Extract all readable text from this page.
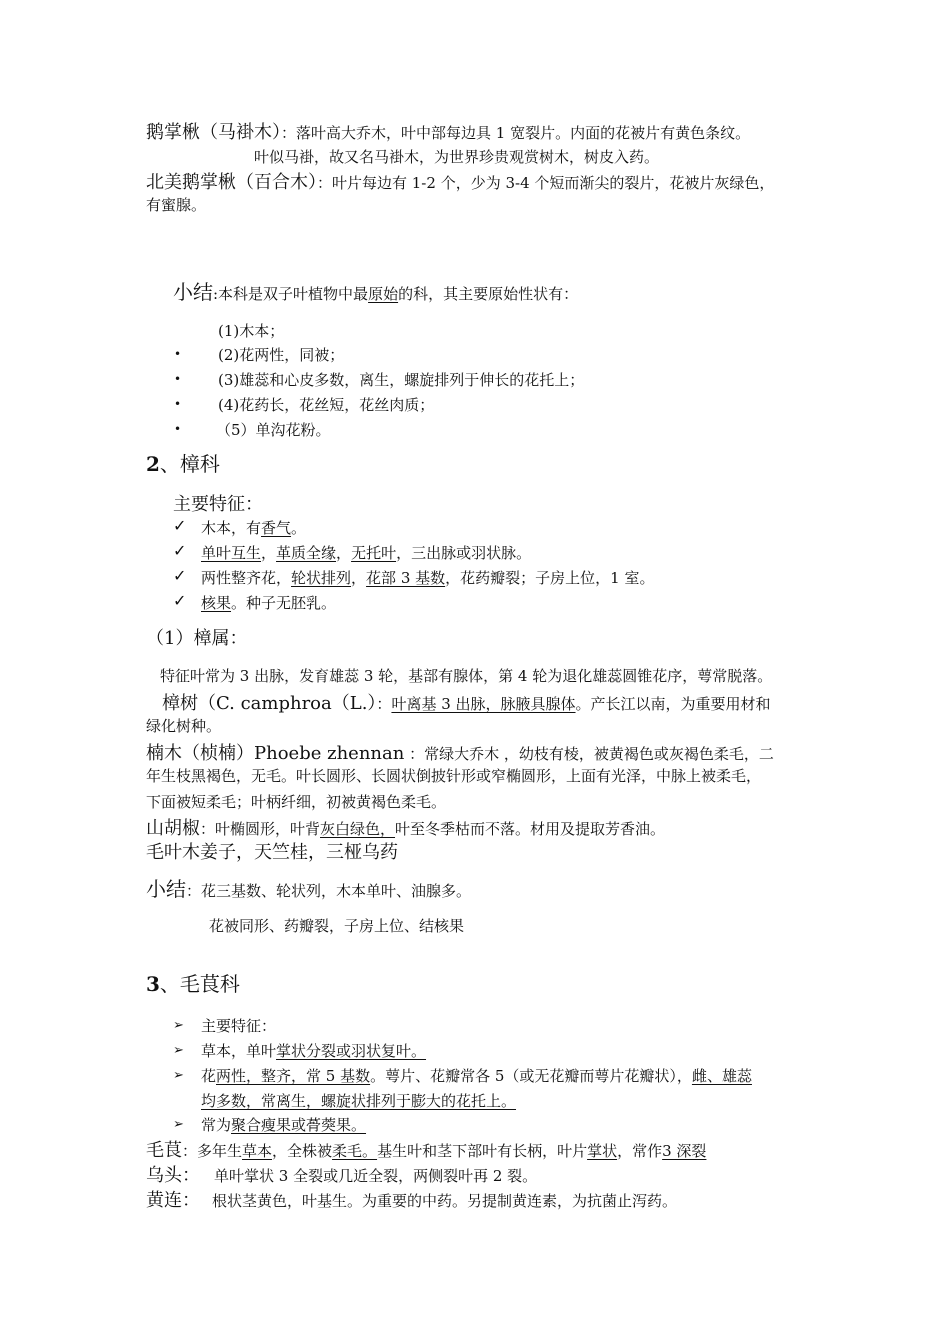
鹅掌楸（马褂木）：落叶高大乔木，叶中部每边具 1 宽裂片。内面的花被片有黄色条纹。
叶似马褂，故又名马褂木，为世界珍贵观赏树木，树皮入药。
北美鹅掌楸（百合木）：叶片每边有 1-2 个，少为 3-4 个短而渐尖的裂片，花被片灰绿色，
有蜜腺。
小结:本科是双子叶植物中最原始的科，其主要原始性状有：
(1)木本；
• (2)花两性，同被；
• (3)雄蕊和心皮多数，离生，螺旋排列于伸长的花托上；
• (4)花药长，花丝短，花丝肉质；
• （5）单沟花粉。
2、樟科
主要特征：
✓ 木本，有香气。
✓ 单叶互生，革质全缘，无托叶，三出脉或羽状脉。
✓ 两性整齐花，轮状排列，花部 3 基数，花药瓣裂；子房上位，1 室。
✓ 核果。种子无胚乳。
（1）樟属：
特征叶常为 3 出脉，发育雄蕊 3 轮，基部有腺体，第 4 轮为退化雄蕊圆锥花序，萼常脱落。
樟树（C. camphroa（L.）：叶离基 3 出脉，脉腋具腺体。产长江以南，为重要用材和
绿化树种。
楠木（桢楠）Phoebe zhennan ：常绿大乔木 ，幼枝有棱，被黄褐色或灰褐色柔毛，二
年生枝黑褐色，无毛。叶长圆形、长圆状倒披针形或窄椭圆形，上面有光泽，中脉上被柔毛，
下面被短柔毛；叶柄纤细，初被黄褐色柔毛。
山胡椒：叶椭圆形，叶背灰白绿色，叶至冬季枯而不落。材用及提取芳香油。
毛叶木姜子，天竺桂，三桠乌药
小结：花三基数、轮状列，木本单叶、油腺多。
花被同形、药瓣裂，子房上位、结核果
3、毛茛科
➢ 主要特征：
➢ 草本，单叶掌状分裂或羽状复叶。
➢ 花两性，整齐，常 5 基数。萼片、花瓣常各 5（或无花瓣而萼片花瓣状），雌、雄蕊
均多数，常离生，螺旋状排列于膨大的花托上。
➢ 常为聚合瘦果或蓇葖果。
毛茛：多年生草本，全株被柔毛。基生叶和茎下部叶有长柄，叶片掌状，常作3 深裂
乌头： 单叶掌状 3 全裂或几近全裂，两侧裂叶再 2 裂。
黄连： 根状茎黄色，叶基生。为重要的中药。另提制黄连素，为抗菌止泻药。
